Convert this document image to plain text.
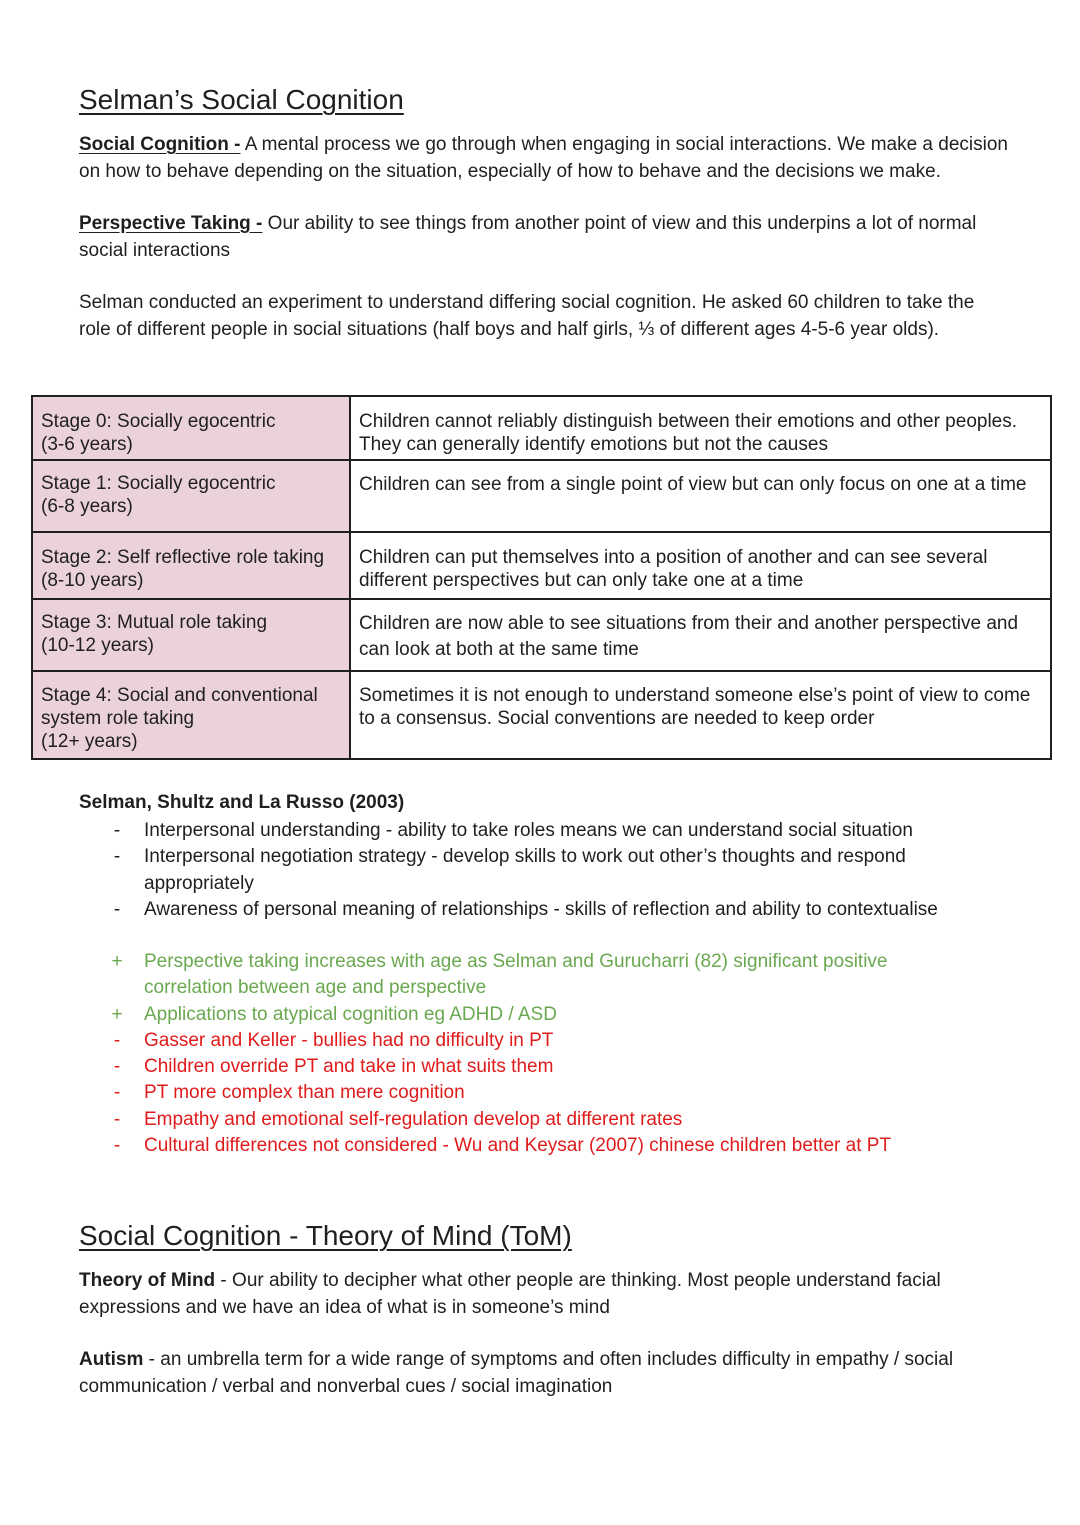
Selman’s Social Cognition

Social Cognition - A mental process we go through when engaging in social interactions. We make a decision on how to behave depending on the situation, especially of how to behave and the decisions we make.

Perspective Taking - Our ability to see things from another point of view and this underpins a lot of normal social interactions

Selman conducted an experiment to understand differing social cognition. He asked 60 children to take the role of different people in social situations (half boys and half girls, ⅓ of different ages 4-5-6 year olds).

Stage 0: Socially egocentric
(3-6 years)	Children cannot reliably distinguish between their emotions and other peoples. They can generally identify emotions but not the causes

Stage 1: Socially egocentric
(6-8 years)	Children can see from a single point of view but can only focus on one at a time

Stage 2: Self reflective role taking
(8-10 years)	Children can put themselves into a position of another and can see several different perspectives but can only take one at a time

Stage 3: Mutual role taking
(10-12 years)	Children are now able to see situations from their and another perspective and can look at both at the same time

Stage 4: Social and conventional system role taking
(12+ years)	Sometimes it is not enough to understand someone else’s point of view to come to a consensus. Social conventions are needed to keep order

Selman, Shultz and La Russo (2003)

- Interpersonal understanding - ability to take roles means we can understand social situation
- Interpersonal negotiation strategy - develop skills to work out other’s thoughts and respond appropriately
- Awareness of personal meaning of relationships - skills of reflection and ability to contextualise
+ Perspective taking increases with age as Selman and Gurucharri (82) significant positive correlation between age and perspective
+ Applications to atypical cognition eg ADHD / ASD
- Gasser and Keller - bullies had no difficulty in PT
- Children override PT and take in what suits them
- PT more complex than mere cognition
- Empathy and emotional self-regulation develop at different rates
- Cultural differences not considered - Wu and Keysar (2007) chinese children better at PT
Social Cognition - Theory of Mind (ToM)

Theory of Mind - Our ability to decipher what other people are thinking. Most people understand facial expressions and we have an idea of what is in someone’s mind

Autism - an umbrella term for a wide range of symptoms and often includes difficulty in empathy / social communication / verbal and nonverbal cues / social imagination
